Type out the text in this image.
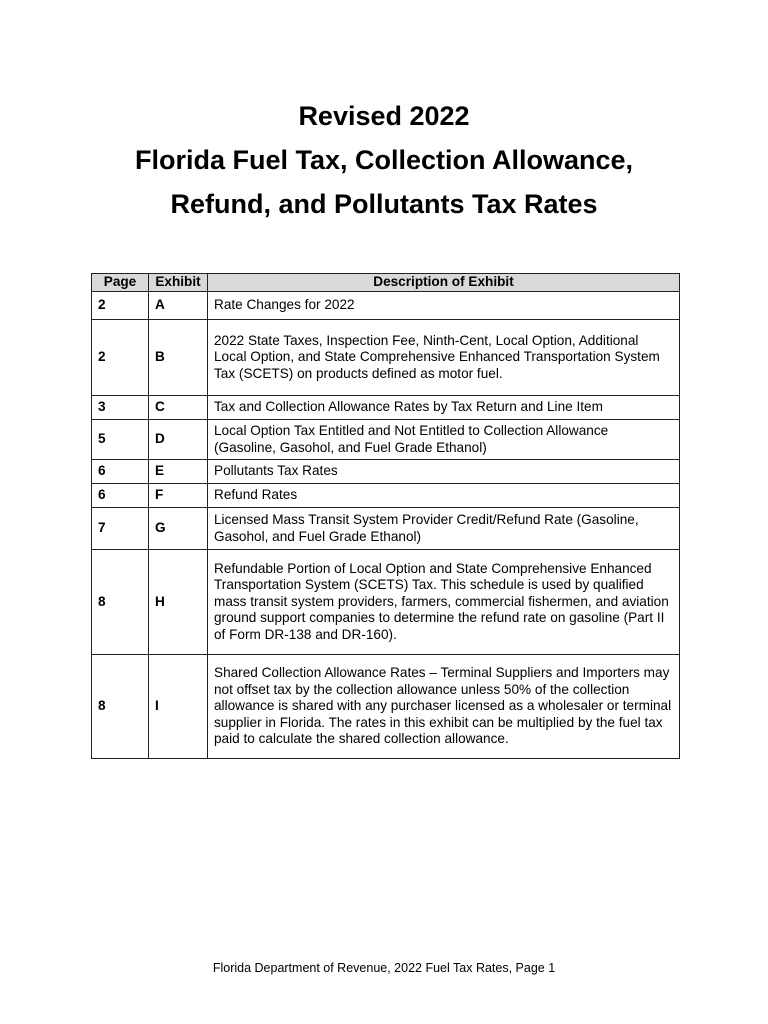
Revised 2022
Florida Fuel Tax, Collection Allowance,
Refund, and Pollutants Tax Rates
Page	Exhibit	Description of Exhibit
2	A	Rate Changes for 2022
2	B	2022 State Taxes, Inspection Fee, Ninth-Cent, Local Option, Additional Local Option, and State Comprehensive Enhanced Transportation System Tax (SCETS) on products defined as motor fuel.
3	C	Tax and Collection Allowance Rates by Tax Return and Line Item
5	D	Local Option Tax Entitled and Not Entitled to Collection Allowance (Gasoline, Gasohol, and Fuel Grade Ethanol)
6	E	Pollutants Tax Rates
6	F	Refund Rates
7	G	Licensed Mass Transit System Provider Credit/Refund Rate (Gasoline, Gasohol, and Fuel Grade Ethanol)
8	H	Refundable Portion of Local Option and State Comprehensive Enhanced Transportation System (SCETS) Tax. This schedule is used by qualified mass transit system providers, farmers, commercial fishermen, and aviation ground support companies to determine the refund rate on gasoline (Part II of Form DR-138 and DR-160).
8	I	Shared Collection Allowance Rates – Terminal Suppliers and Importers may not offset tax by the collection allowance unless 50% of the collection allowance is shared with any purchaser licensed as a wholesaler or terminal supplier in Florida. The rates in this exhibit can be multiplied by the fuel tax paid to calculate the shared collection allowance.
Florida Department of Revenue, 2022 Fuel Tax Rates, Page 1
